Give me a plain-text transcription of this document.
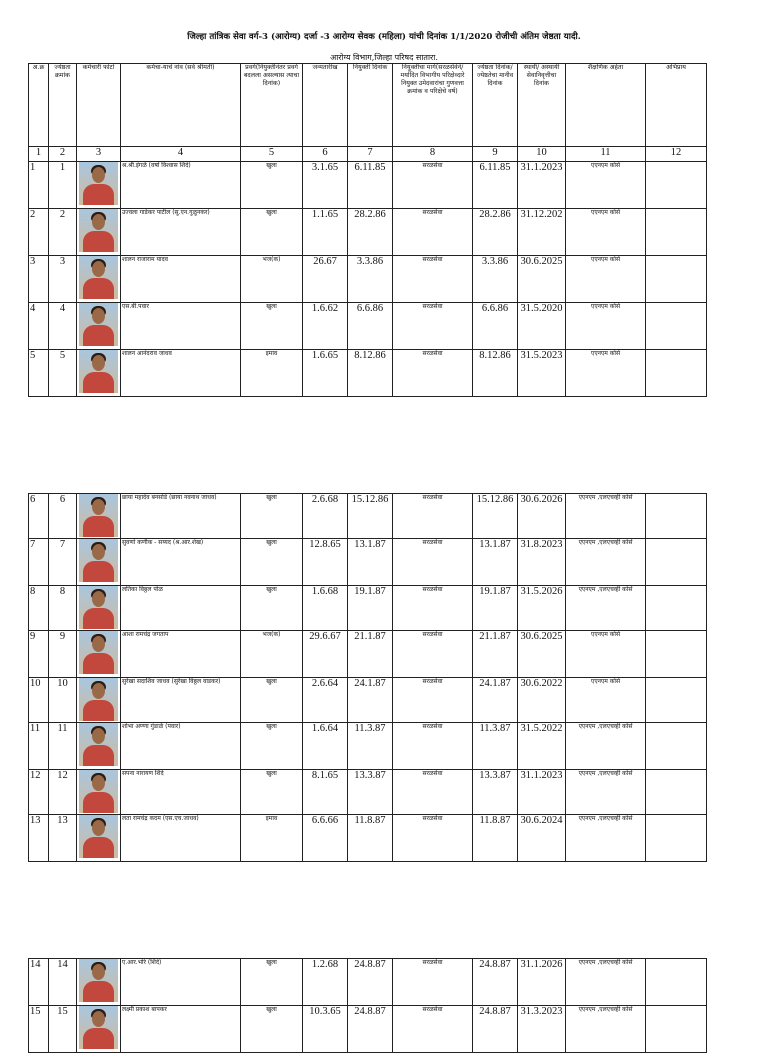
जिल्हा तांत्रिक सेवा वर्ग-3 (आरोग्य) दर्जा -3 आरोग्य सेवक (महिला) यांची दिनांक 1/1/2020 रोजीची अंतिम जेष्ठता यादी.
आरोग्य विभाग,जिल्हा परिषद सातारा.
अ.क्र	ज्येष्ठता क्रमांक	कर्मचारी फोटो	कर्मचा-याचे नांव (सर्व श्रीमती)	प्रवर्ग(नियुक्तीनंतर प्रवर्ग बदलला असल्यास त्याचा दिनांक)	जन्मतारीख	नियुक्ती दिनांक	नियुक्तीचा मार्ग(सरळसेवेने/ मर्यादित विभागीय परिक्षेव्दारे नियुक्त उमेदवारांचा गुणवत्ता क्रमांक व परिक्षेचे वर्ष)	ज्येष्ठता दिनांक/ ज्येष्ठतेचा मानीव दिनांक	स्थायी/ अस्थायी सेवानिवृत्तीचा दिनांक	शैक्षणिक अर्हता	अभिप्राय
1	2	3	4	5	6	7	8	9	10	11	12
1	1		श्र.श्री.इंगळे (वर्षा विश्वास शिंदे)	खुला	3.1.65	6.11.85	सरळसेवा	6.11.85	31.1.2023	एएनएम कोर्स	
2	2		उज्वला गाडेकर पाटील (सु.एन.गुळुनकर)	खुला	1.1.65	28.2.86	सरळसेवा	28.2.86	31.12.202	एएनएम कोर्स	
3	3		शालन राजाराम यादव	भज(क)	26.67	3.3.86	सरळसेवा	3.3.86	30.6.2025	एएनएम कोर्स	
4	4		एस.बी.पवार	खुला	1.6.62	6.6.86	सरळसेवा	6.6.86	31.5.2020	एएनएम कोर्स	
5	5		शालन आनंदराव जाधव	इमाव	1.6.65	8.12.86	सरळसेवा	8.12.86	31.5.2023	एएनएम कोर्स	
6	6		छाया महादेव बनसोडे (छाया नवनाथ जाधव)	खुला	2.6.68	15.12.86	सरळसेवा	15.12.86	30.6.2026	एएनएम ,एलएचव्ही कोर्स	
7	7		सुवर्णा कणीक - सय्यद (श्र.आर.शेख)	खुला	12.8.65	13.1.87	सरळसेवा	13.1.87	31.8.2023	एएनएम ,एलएचव्ही कोर्स	
8	8		लतिका विठ्ठल पोळ	खुला	1.6.68	19.1.87	सरळसेवा	19.1.87	31.5.2026	एएनएम ,एलएचव्ही कोर्स	
9	9		आशा रामचंद्र जगताप	भज(क)	29.6.67	21.1.87	सरळसेवा	21.1.87	30.6.2025	एएनएम कोर्स	
10	10		सुरेखा सदाशिव जाधव (सुरेखा विठ्ठल वाडकर)	खुला	2.6.64	24.1.87	सरळसेवा	24.1.87	30.6.2022	एएनएम कोर्स	
11	11		शोभा अण्णा गुंडाळे (पवार)	खुला	1.6.64	11.3.87	सरळसेवा	11.3.87	31.5.2022	एएनएम ,एलएचव्ही कोर्स	
12	12		सपना नारायण शिंदे	खुला	8.1.65	13.3.87	सरळसेवा	13.3.87	31.1.2023	एएनएम ,एलएचव्ही कोर्स	
13	13		लता रामचंद्र कदम (एस.एच.जाधव)	इमाव	6.6.66	11.8.87	सरळसेवा	11.8.87	30.6.2024	एएनएम ,एलएचव्ही कोर्स	
14	14		ए.आर.भोरे (शिंदे)	खुला	1.2.68	24.8.87	सरळसेवा	24.8.87	31.1.2026	एएनएम ,एलएचव्ही कोर्स	
15	15		लक्ष्मी प्रकाश बापकर	खुला	10.3.65	24.8.87	सरळसेवा	24.8.87	31.3.2023	एएनएम ,एलएचव्ही कोर्स	
